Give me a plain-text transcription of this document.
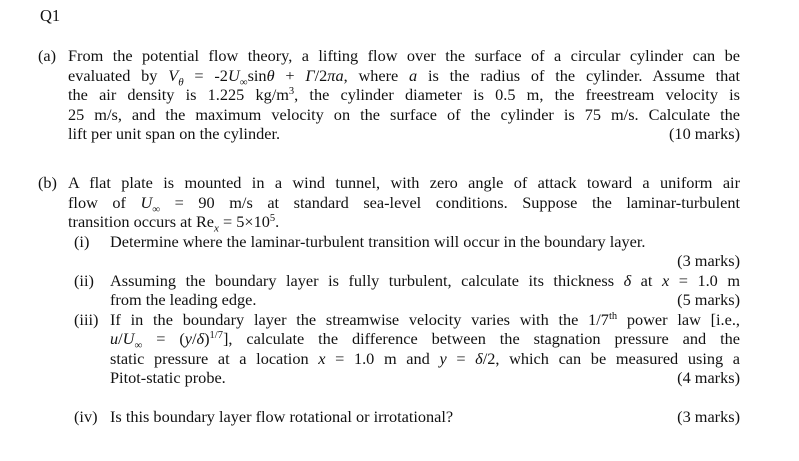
Q1
(a) From the potential flow theory, a lifting flow over the surface of a circular cylinder can be
evaluated by $V_\theta = -2U_\infty\sin\theta + \Gamma/2\pi a$, where a is the radius of the cylinder. Assume that
the air density is 1.225 $kg/m^3$, the cylinder diameter is 0.5 m, the freestream velocity is
25 m/s, and the maximum velocity on the surface of the cylinder is 75 m/s. Calculate the
lift per unit span on the cylinder.	(10 marks)
(b) A flat plate is mounted in a wind tunnel, with zero angle of attack toward a uniform air
flow of $U_\infty = 90$ m/s at standard sea-level conditions. Suppose the laminar-turbulent
transition occurs at $Re_x = 5\times 10^5$.
(i) Determine where the laminar-turbulent transition will occur in the boundary layer.
(3 marks)
(ii) Assuming the boundary layer is fully turbulent, calculate its thickness δ at x = 1.0 m
from the leading edge.	(5 marks)
(iii) If in the boundary layer the streamwise velocity varies with the 1/7th power law [i.e.,
$u/U_\infty = (y/\delta)^{1/7}$], calculate the difference between the stagnation pressure and the
static pressure at a location x = 1.0 m and y = δ/2, which can be measured using a
Pitot-static probe.	(4 marks)
(iv) Is this boundary layer flow rotational or irrotational?	(3 marks)
